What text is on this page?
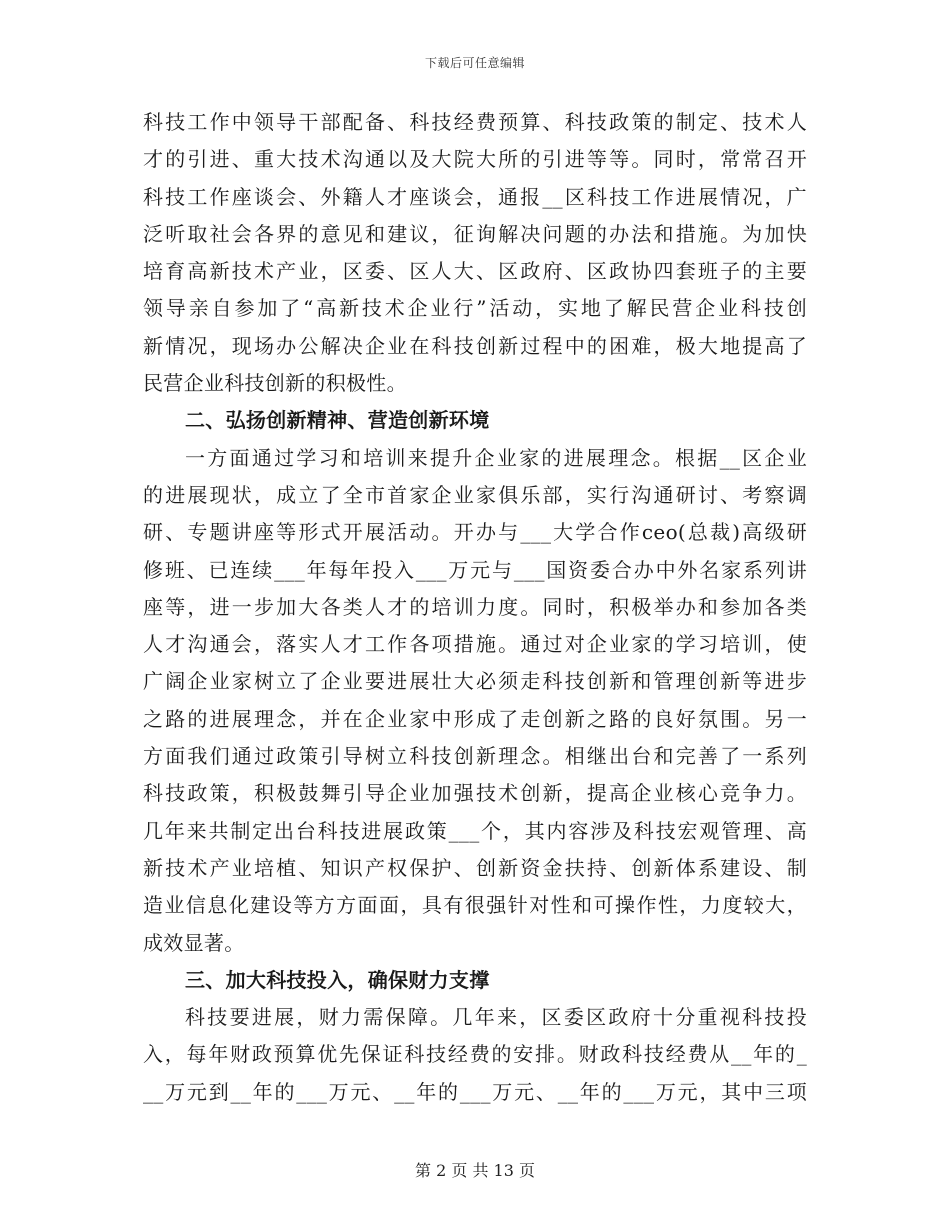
下载后可任意编辑
科技工作中领导干部配备、科技经费预算、科技政策的制定、技术人
才的引进、重大技术沟通以及大院大所的引进等等。同时，常常召开
科技工作座谈会、外籍人才座谈会，通报__区科技工作进展情况，广
泛听取社会各界的意见和建议，征询解决问题的办法和措施。为加快
培育高新技术产业，区委、区人大、区政府、区政协四套班子的主要
领导亲自参加了“高新技术企业行”活动，实地了解民营企业科技创
新情况，现场办公解决企业在科技创新过程中的困难，极大地提高了
民营企业科技创新的积极性。
二、弘扬创新精神、营造创新环境
一方面通过学习和培训来提升企业家的进展理念。根据__区企业
的进展现状，成立了全市首家企业家俱乐部，实行沟通研讨、考察调
研、专题讲座等形式开展活动。开办与___大学合作ceo(总裁)高级研
修班、已连续___年每年投入___万元与___国资委合办中外名家系列讲
座等，进一步加大各类人才的培训力度。同时，积极举办和参加各类
人才沟通会，落实人才工作各项措施。通过对企业家的学习培训，使
广阔企业家树立了企业要进展壮大必须走科技创新和管理创新等进步
之路的进展理念，并在企业家中形成了走创新之路的良好氛围。另一
方面我们通过政策引导树立科技创新理念。相继出台和完善了一系列
科技政策，积极鼓舞引导企业加强技术创新，提高企业核心竞争力。
几年来共制定出台科技进展政策___个，其内容涉及科技宏观管理、高
新技术产业培植、知识产权保护、创新资金扶持、创新体系建设、制
造业信息化建设等方方面面，具有很强针对性和可操作性，力度较大，
成效显著。
三、加大科技投入，确保财力支撑
科技要进展，财力需保障。几年来，区委区政府十分重视科技投
入，每年财政预算优先保证科技经费的安排。财政科技经费从__年的_
__万元到__年的___万元、__年的___万元、__年的___万元，其中三项
第 2 页 共 13 页
